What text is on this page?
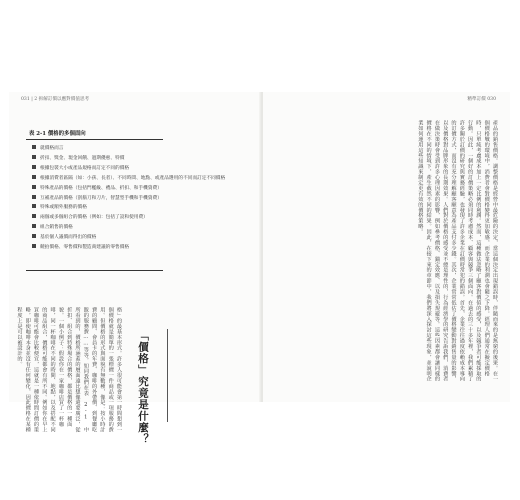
031 | 2 拆解訂價以應對價值思考
表 2-1 價格的多個面向
就價格而言
折扣、獎金、現金回饋、過期優惠、特價
根據包裝大小或產品規格而訂定不同的價格
根據消費者區隔（如：小孩、長者）、不同時間、地點、或產品選用的不同而訂定不同價格
特殊產品的價格（包括門檻級、禮品、折扣、和手機資費）
互補產品的價格（刮鬍刀和刀片，智慧型手機和手機資費）
特殊或額外服務的價格
兩個或多個組合的價格（例如：包括了設和使用費）
組合銷售的價格
基於個人議價而得出的價格
競拍價格、零售價和製造商建議的零售價格
「價格」究竟是什麼？
格」的最基本形式。許多人很可能會第一時間想到一個價格就是簡單的一張標價一件商品或一項服務的費用。但價格的形式與面貌有無數種，像是：按小時計費的顧問、會員卡的年費、咖啡的外帶價、到餐廳吃飯的服務費……等等。如同我們在表 2-1 中所看到的，價格所涵蓋的層面遠比想像還要廣泛，從折扣、組合到特殊場合的價格，都是價格的一種面貌。一個小例子：假設你在一家咖啡店買了一杯咖啡，同一杯咖啡在不同的時間、地點，以及搭配不同的商品組合，價格可能都會有所不同。例如你在早上買咖啡可能會比較便宜，這就是一種依時間訂價的策略，即使咖啡本身並沒有任何變化，因此價格在某種程度上是可以被設計的。
精準訂價 030
產品的銷售價格。調整價格是經營中最危險的決定，當這個決定出現錯誤時，伴隨而來的是無窮的後果。在一個價格戰的環境中，消費者會對價格變得更加敏感，而企業的利潤也會隨之下降。經理人們通常在擬定價格時，只單純考慮成本加上一定比例的利潤。然而，這種做法忽略了顧客對價值的感受，以及競爭者可能採取的行動。因此，一個好的訂價策略必須同時考慮成本、顧客與競爭三個面向。在過去的三十多年裡，我們累積了許多關於訂價的研究與實務經驗，也發現了許多企業在訂價時常犯的錯誤。首先，企業往往過度依賴成本導向的訂價方式，而沒有充分理解顧客願意為產品支付多少錢。其次，企業常常低估了價格變動對銷售量的影響，以及價格對品牌形象的長期效果。人們對於價格的感受並不總是理性的，行為經濟學的研究告訴我們，消費者在做決策時會受到許多心理因素的影響，例如參考價格、錨定效應、以及損失規避等。這些因素都會讓同樣的價格在不同的情境下，產生截然不同的結果。因此，在接下來的章節中，我們將深入探討這些現象，並說明企業如何運用這些知識來制定更有效的價格策略。
